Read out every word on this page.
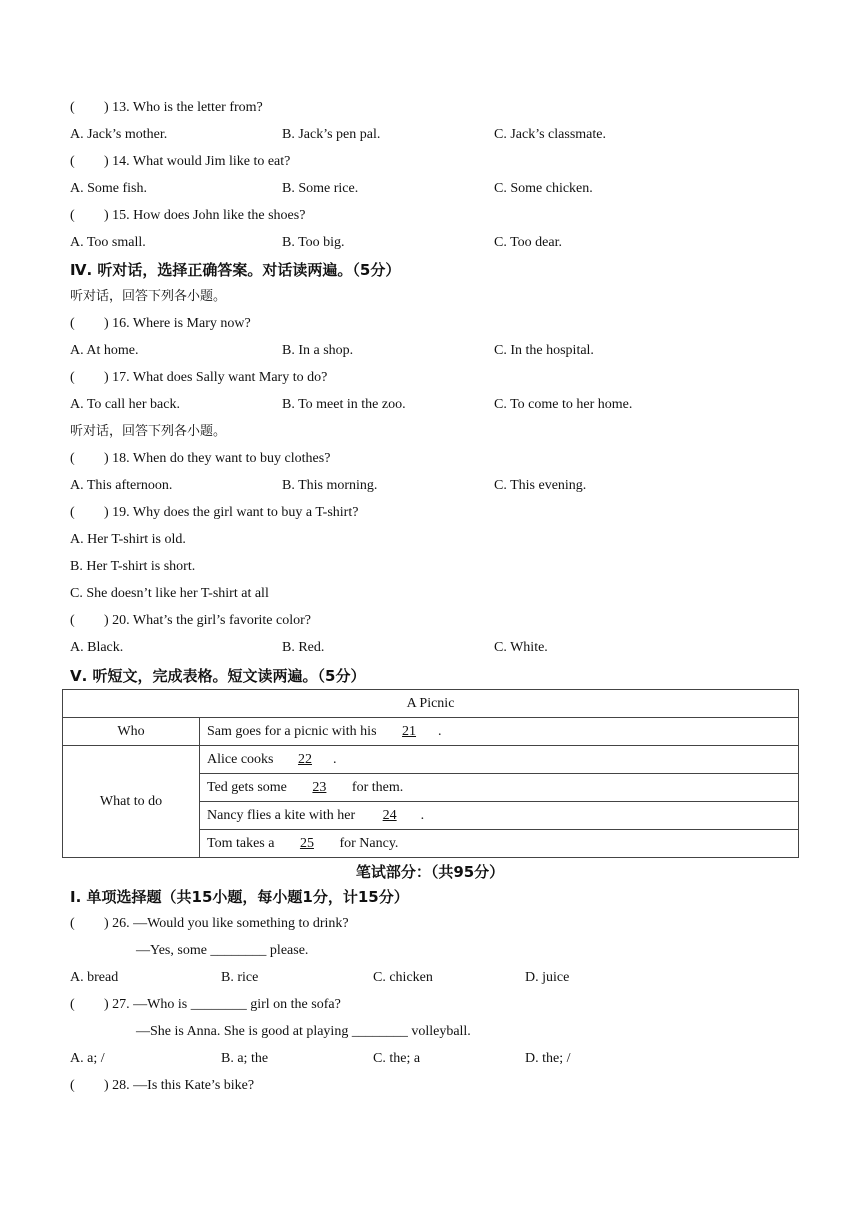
( ) 13. Who is the letter from?
A. Jack’s mother.	B. Jack’s pen pal.	C. Jack’s classmate.
( ) 14. What would Jim like to eat?
A. Some fish.	B. Some rice.	C. Some chicken.
( ) 15. How does John like the shoes?
A. Too small.	B. Too big.	C. Too dear.
Ⅳ. 听对话，选择正确答案。对话读两遍。（5分）
听对话，回答下列各小题。
( ) 16. Where is Mary now?
A. At home.	B. In a shop.	C. In the hospital.
( ) 17. What does Sally want Mary to do?
A. To call her back.	B. To meet in the zoo.	C. To come to her home.
听对话，回答下列各小题。
( ) 18. When do they want to buy clothes?
A. This afternoon.	B. This morning.	C. This evening.
( ) 19. Why does the girl want to buy a T-shirt?
A. Her T-shirt is old.
B. Her T-shirt is short.
C. She doesn’t like her T-shirt at all
( ) 20. What’s the girl’s favorite color?
A. Black.	B. Red.	C. White.
Ⅴ. 听短文，完成表格。短文读两遍。（5分）
A Picnic	
Who	Sam goes for a picnic with his 21 .
What to do	Alice cooks 22 .
	Ted gets some 23 for them.
	Nancy flies a kite with her 24 .
	Tom takes a 25 for Nancy.
笔试部分：（共95分）
Ⅰ. 单项选择题（共15小题，每小题1分，计15分）
( ) 26. —Would you like something to drink?
—Yes, some ________ please.
A. bread	B. rice	C. chicken	D. juice
( ) 27. —Who is ________ girl on the sofa?
—She is Anna. She is good at playing ________ volleyball.
A. a; /	B. a; the	C. the; a	D. the; /
( ) 28. —Is this Kate’s bike?
